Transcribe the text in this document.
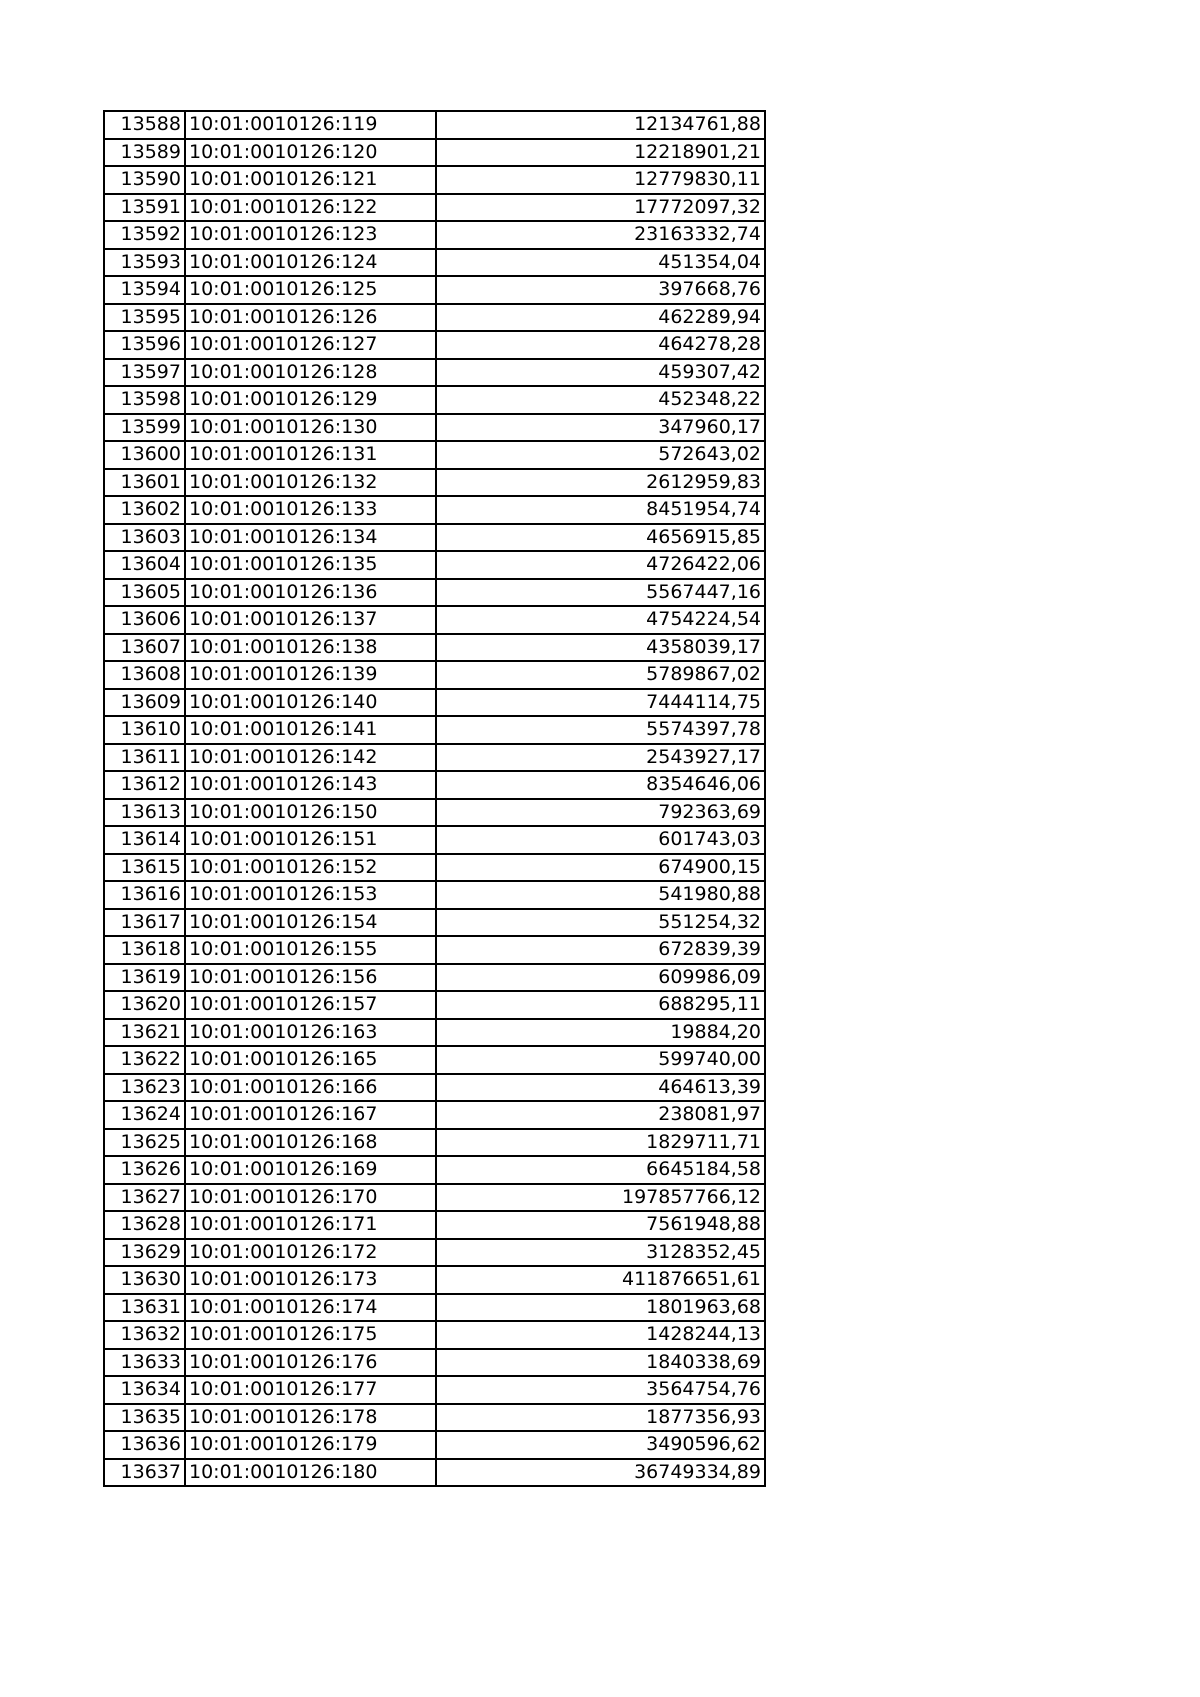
13588	10:01:0010126:119	12134761,88
13589	10:01:0010126:120	12218901,21
13590	10:01:0010126:121	12779830,11
13591	10:01:0010126:122	17772097,32
13592	10:01:0010126:123	23163332,74
13593	10:01:0010126:124	451354,04
13594	10:01:0010126:125	397668,76
13595	10:01:0010126:126	462289,94
13596	10:01:0010126:127	464278,28
13597	10:01:0010126:128	459307,42
13598	10:01:0010126:129	452348,22
13599	10:01:0010126:130	347960,17
13600	10:01:0010126:131	572643,02
13601	10:01:0010126:132	2612959,83
13602	10:01:0010126:133	8451954,74
13603	10:01:0010126:134	4656915,85
13604	10:01:0010126:135	4726422,06
13605	10:01:0010126:136	5567447,16
13606	10:01:0010126:137	4754224,54
13607	10:01:0010126:138	4358039,17
13608	10:01:0010126:139	5789867,02
13609	10:01:0010126:140	7444114,75
13610	10:01:0010126:141	5574397,78
13611	10:01:0010126:142	2543927,17
13612	10:01:0010126:143	8354646,06
13613	10:01:0010126:150	792363,69
13614	10:01:0010126:151	601743,03
13615	10:01:0010126:152	674900,15
13616	10:01:0010126:153	541980,88
13617	10:01:0010126:154	551254,32
13618	10:01:0010126:155	672839,39
13619	10:01:0010126:156	609986,09
13620	10:01:0010126:157	688295,11
13621	10:01:0010126:163	19884,20
13622	10:01:0010126:165	599740,00
13623	10:01:0010126:166	464613,39
13624	10:01:0010126:167	238081,97
13625	10:01:0010126:168	1829711,71
13626	10:01:0010126:169	6645184,58
13627	10:01:0010126:170	197857766,12
13628	10:01:0010126:171	7561948,88
13629	10:01:0010126:172	3128352,45
13630	10:01:0010126:173	411876651,61
13631	10:01:0010126:174	1801963,68
13632	10:01:0010126:175	1428244,13
13633	10:01:0010126:176	1840338,69
13634	10:01:0010126:177	3564754,76
13635	10:01:0010126:178	1877356,93
13636	10:01:0010126:179	3490596,62
13637	10:01:0010126:180	36749334,89
